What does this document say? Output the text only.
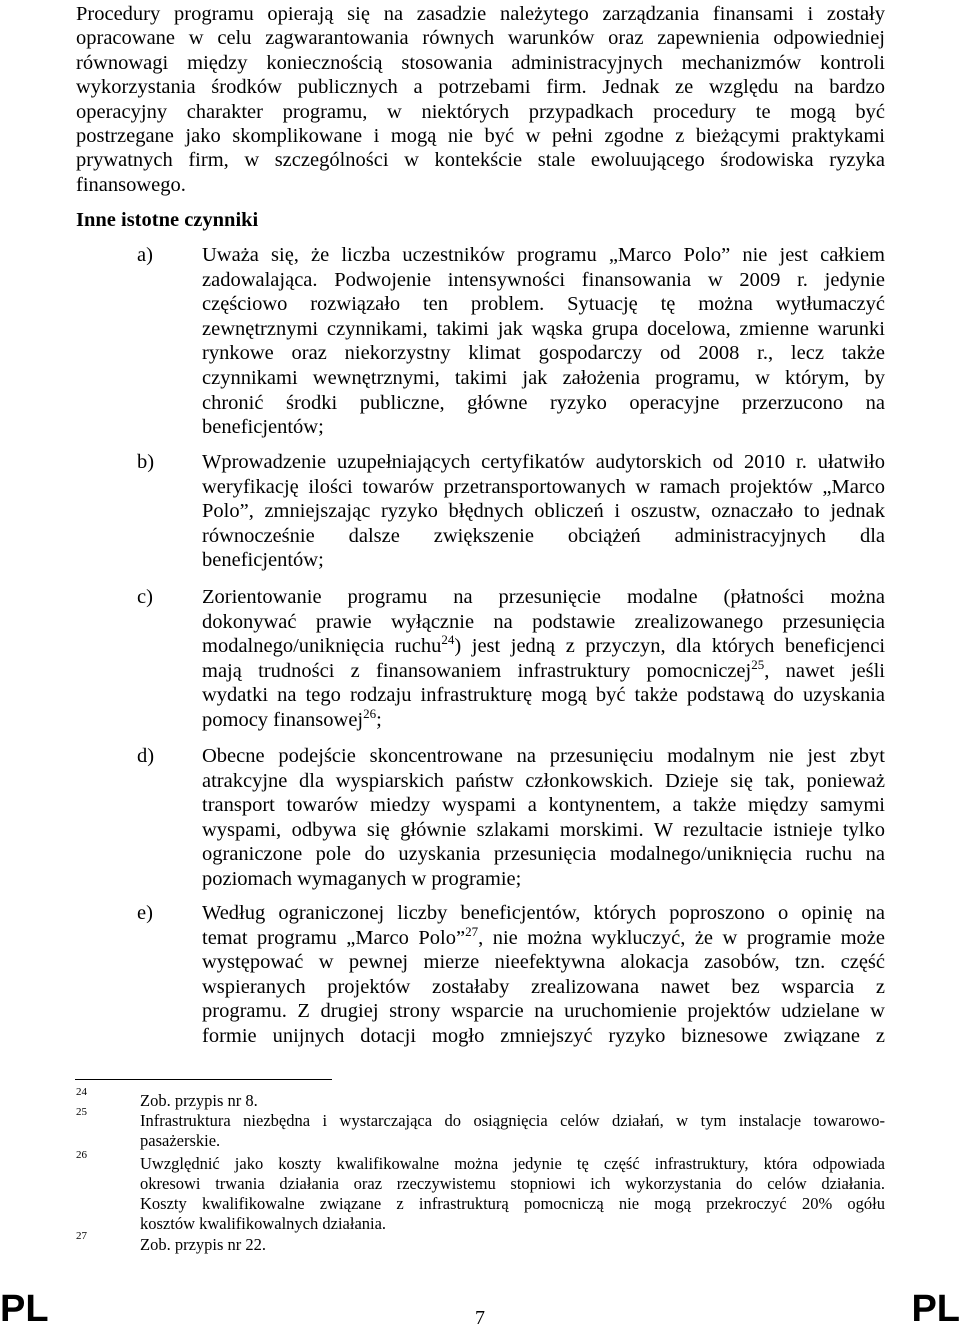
Procedury programu opierają się na zasadzie należytego zarządzania finansami i zostały
opracowane w celu zagwarantowania równych warunków oraz zapewnienia odpowiedniej
równowagi między koniecznością stosowania administracyjnych mechanizmów kontroli
wykorzystania środków publicznych a potrzebami firm. Jednak ze względu na bardzo
operacyjny charakter programu, w niektórych przypadkach procedury te mogą być
postrzegane jako skomplikowane i mogą nie być w pełni zgodne z bieżącymi praktykami
prywatnych firm, w szczególności w kontekście stale ewoluującego środowiska ryzyka
finansowego.
Inne istotne czynniki
a) Uważa się, że liczba uczestników programu „Marco Polo” nie jest całkiem
zadowalająca. Podwojenie intensywności finansowania w 2009 r. jedynie
częściowo rozwiązało ten problem. Sytuację tę można wytłumaczyć
zewnętrznymi czynnikami, takimi jak wąska grupa docelowa, zmienne warunki
rynkowe oraz niekorzystny klimat gospodarczy od 2008 r., lecz także
czynnikami wewnętrznymi, takimi jak założenia programu, w którym, by
chronić środki publiczne, główne ryzyko operacyjne przerzucono na
beneficjentów;
b) Wprowadzenie uzupełniających certyfikatów audytorskich od 2010 r. ułatwiło
weryfikację ilości towarów przetransportowanych w ramach projektów „Marco
Polo”, zmniejszając ryzyko błędnych obliczeń i oszustw, oznaczało to jednak
równocześnie dalsze zwiększenie obciążeń administracyjnych dla
beneficjentów;
c) Zorientowanie programu na przesunięcie modalne (płatności można
dokonywać prawie wyłącznie na podstawie zrealizowanego przesunięcia
modalnego/uniknięcia ruchu$^{24}$) jest jedną z przyczyn, dla których beneficjenci
mają trudności z finansowaniem infrastruktury pomocniczej$^{25}$, nawet jeśli
wydatki na tego rodzaju infrastrukturę mogą być także podstawą do uzyskania
pomocy finansowej$^{26}$;
d) Obecne podejście skoncentrowane na przesunięciu modalnym nie jest zbyt
atrakcyjne dla wyspiarskich państw członkowskich. Dzieje się tak, ponieważ
transport towarów miedzy wyspami a kontynentem, a także między samymi
wyspami, odbywa się głównie szlakami morskimi. W rezultacie istnieje tylko
ograniczone pole do uzyskania przesunięcia modalnego/uniknięcia ruchu na
poziomach wymaganych w programie;
e) Według ograniczonej liczby beneficjentów, których poproszono o opinię na
temat programu „Marco Polo”$^{27}$, nie można wykluczyć, że w programie może
występować w pewnej mierze nieefektywna alokacja zasobów, tzn. część
wspieranych projektów zostałaby zrealizowana nawet bez wsparcia z
programu. Z drugiej strony wsparcie na uruchomienie projektów udzielane w
formie unijnych dotacji mogło zmniejszyć ryzyko biznesowe związane z
24	Zob. przypis nr 8.
25	Infrastruktura niezbędna i wystarczająca do osiągnięcia celów działań, w tym instalacje towarowo-
pasażerskie.
26	Uwzględnić jako koszty kwalifikowalne można jedynie tę część infrastruktury, która odpowiada
okresowi trwania działania oraz rzeczywistemu stopniowi ich wykorzystania do celów działania.
Koszty kwalifikowalne związane z infrastrukturą pomocniczą nie mogą przekroczyć 20% ogółu
kosztów kwalifikowalnych działania.
27	Zob. przypis nr 22.
PL	7	PL
